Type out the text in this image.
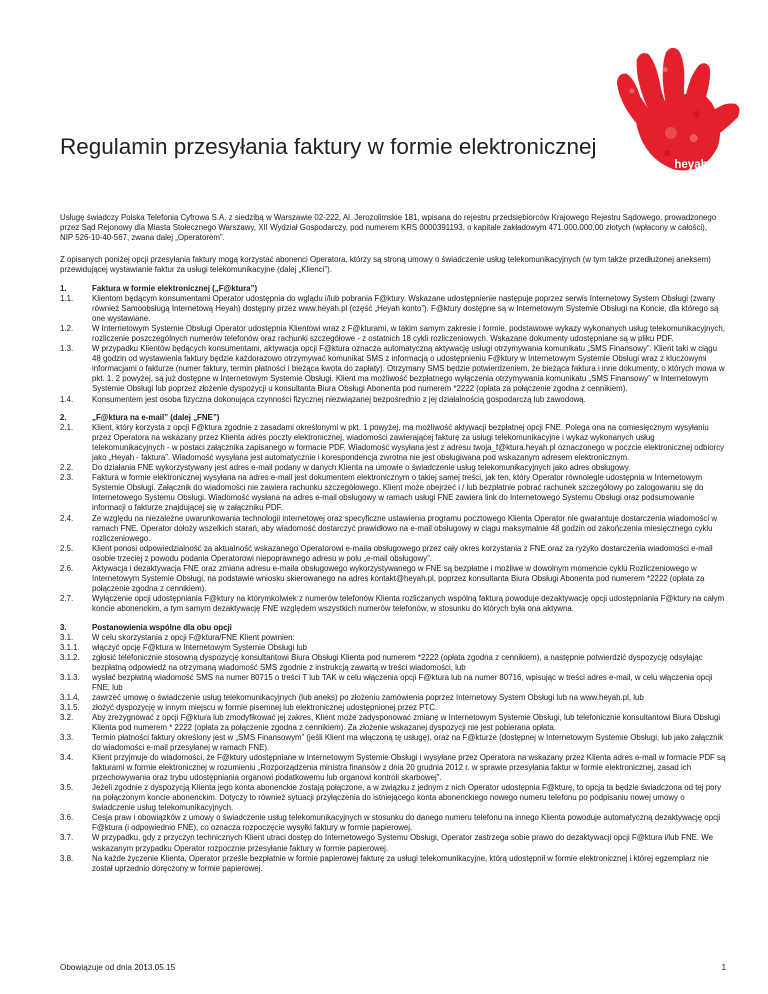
Regulamin przesyłania faktury w formie elektronicznej
heyah
non stop

Usługę świadczy Polska Telefonia Cyfrowa S.A. z siedzibą w Warszawie 02-222, Al. Jerozolimskie 181, wpisana do rejestru przedsiębiorców Krajowego Rejestru Sądowego, prowadzonego przez Sąd Rejonowy dla Miasta Stołecznego Warszawy, XII Wydział Gospodarczy, pod numerem KRS 0000391193, o kapitale zakładowym 471.000.000,00 złotych (wpłacony w całości), NIP 526-10-40-567, zwana dalej „Operatorem”.

Z opisanych poniżej opcji przesyłania faktury mogą korzystać abonenci Operatora, którzy są stroną umowy o świadczenie usług telekomunikacyjnych (w tym także przedłużonej aneksem) przewidującej wystawianie faktur za usługi telekomunikacyjne (dalej „Klienci”).

1.	Faktura w formie elektronicznej („F@ktura”)
1.1.	Klientom będącym konsumentami Operator udostępnia do wglądu i/lub pobrania F@ktury. Wskazane udostępnienie następuje poprzez serwis Internetowy System Obsługi (zwany również Samoobsługą Internetową Heyah) dostępny przez www.heyah.pl (część „Heyah konto”). F@ktury dostępne są w Internetowym Systemie Obsługi na Koncie, dla którego są one wystawiane.
1.2.	W Internetowym Systemie Obsługi Operator udostępnia Klientowi wraz z F@kturami, w takim samym zakresie i formie, podstawowe wykazy wykonanych usług telekomunikacyjnych, rozliczenie poszczególnych numerów telefonów oraz rachunki szczegółowe - z ostatnich 18 cykli rozliczeniowych. Wskazane dokumenty udostępniane są w pliku PDF.
1.3.	W przypadku Klientów będących konsumentami, aktywacja opcji F@ktura oznacza automatyczną aktywację usługi otrzymywania komunikatu „SMS Finansowy”. Klient taki w ciągu 48 godzin od wystawienia faktury będzie każdorazowo otrzymywać komunikat SMS z informacją o udostępnieniu F@ktury w Internetowym Systemie Obsługi wraz z kluczowymi informacjami o fakturze (numer faktury, termin płatności i bieżąca kwota do zapłaty). Otrzymany SMS będzie potwierdzeniem, że bieżąca faktura i inne dokumenty, o których mowa w pkt. 1. 2 powyżej, są już dostępne w Internetowym Systemie Obsługi. Klient ma możliwość bezpłatnego wyłączenia otrzymywania komunikatu „SMS Finansowy” w Internetowym Systemie Obsługi lub poprzez złożenie dyspozycji u konsultanta Biura Obsługi Abonenta pod numerem *2222 (opłata za połączenie zgodna z cennikiem).
1.4.	Konsumentem jest osoba fizyczna dokonująca czynności fizycznej niezwiązanej bezpośrednio z jej działalnością gospodarczą lub zawodową.
2.	„F@ktura na e-mail” (dalej „FNE”)
2.1.	Klient, który korzysta z opcji F@ktura zgodnie z zasadami określonymi w pkt. 1 powyżej, ma możliwość aktywacji bezpłatnej opcji FNE. Polega ona na comiesięcznym wysyłaniu przez Operatora na wskazany przez Klienta adres poczty elektronicznej, wiadomości zawierającej fakturę za usługi telekomunikacyjne i wykaz wykonanych usług telekomunikacyjnych - w postaci załącznika zapisanego w formacie PDF. Wiadomość wysyłana jest z adresu twoja_f@ktura.heyah.pl oznaczonego w poczcie elektronicznej odbiorcy jako „Heyah - faktura”. Wiadomość wysyłana jest automatycznie i korespondencja zwrotna nie jest obsługiwana pod wskazanym adresem elektronicznym.
2.2.	Do działania FNE wykorzystywany jest adres e-mail podany w danych Klienta na umowie o świadczenie usług telekomunikacyjnych jako adres obsługowy.
2.3.	Faktura w formie elektronicznej wysyłana na adres e-mail jest dokumentem elektronicznym o takiej samej treści, jak ten, który Operator równolegle udostępnia w Internetowym Systemie Obsługi. Załącznik do wiadomości nie zawiera rachunku szczegółowego. Klient może obejrzeć i / lub bezpłatnie pobrać rachunek szczegółowy po zalogowaniu się do Internetowego Systemu Obsługi. Wiadomość wysłana na adres e-mail obsługowy w ramach usługi FNE zawiera link do Internetowego Systemu Obsługi oraz podsumowanie informacji o fakturze znajdującej się w załączniku PDF.
2.4.	Ze względu na niezależne uwarunkowania technologii internetowej oraz specyficzne ustawienia programu pocztowego Klienta Operator nie gwarantuje dostarczenia wiadomości w ramach FNE. Operator dołoży wszelkich starań, aby wiadomość dostarczyć prawidłowo na e-mail obsługowy w ciągu maksymalnie 48 godzin od zakończenia miesięcznego cyklu rozliczeniowego.
2.5.	Klient ponosi odpowiedzialność za aktualność wskazanego Operatorowi e-maila obsługowego przez cały okres korzystania z FNE oraz za ryzyko dostarczenia wiadomości e-mail osobie trzeciej z powodu podania Operatorowi niepoprawnego adresu w polu „e-mail obsługowy”.
2.6.	Aktywacja i dezaktywacja FNE oraz zmiana adresu e-maila obsługowego wykorzystywanego w FNE są bezpłatne i możliwe w dowolnym momencie cyklu Rozliczeniowego w Internetowym Systemie Obsługi, na podstawie wniosku skierowanego na adres kontakt@heyah.pl, poprzez konsultanta Biura Obsługi Abonenta pod numerem *2222 (opłata za połączenie zgodna z cennikiem).
2.7.	Wyłączenie opcji udostępniania F@ktury na którymkolwiek z numerów telefonów Klienta rozliczanych wspólną fakturą powoduje dezaktywację opcji udostępniania F@ktury na całym koncie abonenckim, a tym samym dezaktywację FNE względem wszystkich numerów telefonów, w stosunku do których była ona aktywna.
3.	Postanowienia wspólne dla obu opcji
3.1.	W celu skorzystania z opcji F@ktura/FNE Klient powinien:
3.1.1.	włączyć opcję F@ktura w Internetowym Systemie Obsługi lub
3.1.2.	zgłosić telefonicznie stosowną dyspozycję konsultantowi Biura Obsługi Klienta pod numerem *2222 (opłata zgodna z cennikiem), a następnie potwierdzić dyspozycję odsyłając bezpłatną odpowiedź na otrzymaną wiadomość SMS zgodnie z instrukcją zawartą w treści wiadomości, lub
3.1.3.	wysłać bezpłatną wiadomość SMS na numer 80715 o treści T lub TAK w celu włączenia opcji F@ktura lub na numer 80716, wpisując w treści adres e-mail, w celu włączenia opcji FNE, lub
3.1.4.	zawrzeć umowę o świadczenie usług telekomunikacyjnych (lub aneks) po złożeniu zamówienia poprzez Internetowy System Obsługi lub na www.heyah.pl, lub
3.1.5.	złożyć dyspozycję w innym miejscu w formie pisemnej lub elektronicznej udostępnionej przez PTC.
3.2.	Aby zrezygnować z opcji F@ktura lub zmodyfikować jej zakres, Klient może zadysponować zmianę w Internetowym Systemie Obsługi, lub telefonicznie konsultantowi Biura Obsługi Klienta pod numerem * 2222 (opłata za połączenie zgodna z cennikiem). Za złożenie wskazanej dyspozycji nie jest pobierana opłata.
3.3.	Termin płatności faktury określony jest w „SMS Finansowym” (jeśli Klient ma włączoną tę usługę), oraz na F@kturze (dostępnej w Internetowym Systemie Obsługi, lub jako załącznik do wiadomości e-mail przesyłanej w ramach FNE).
3.4.	Klient przyjmuje do wiadomości, że F@ktury udostępniane w Internetowym Systemie Obsługi i wysyłane przez Operatora na wskazany przez Klienta adres e-mail w formacie PDF są fakturami w formie elektronicznej w rozumieniu „Rozporządzenia ministra finansów z dnia 20 grudnia 2012 r. w sprawie przesyłania faktur w formie elektronicznej, zasad ich przechowywania oraz trybu udostępniania organowi podatkowemu lub organowi kontroli skarbowej”.
3.5.	Jeżeli zgodnie z dyspozycją Klienta jego konta abonenckie zostają połączone, a w związku z jednym z nich Operator udostępnia F@kturę, to opcja ta będzie świadczona od tej pory na połączonym koncie abonenckim. Dotyczy to również sytuacji przyłączenia do istniejącego konta abonenckiego nowego numeru telefonu po podpisaniu nowej umowy o świadczenie usług telekomunikacyjnych.
3.6.	Cesja praw i obowiązków z umowy o świadczenie usług telekomunikacyjnych w stosunku do danego numeru telefonu na innego Klienta powoduje automatyczną dezaktywację opcji F@ktura (i odpowiednio FNE), co oznacza rozpoczęcie wysyłki faktury w formie papierowej.
3.7.	W przypadku, gdy z przyczyn technicznych Klient utraci dostęp do Internetowego Systemu Obsługi, Operator zastrzega sobie prawo do dezaktywacji opcji F@ktura i/lub FNE. We wskazanym przypadku Operator rozpocznie przesyłanie faktury w formie papierowej.
3.8.	Na każde życzenie Klienta, Operator prześle bezpłatnie w formie papierowej fakturę za usługi telekomunikacyjne, którą udostępnił w formie elektronicznej i której egzemplarz nie został uprzednio doręczony w formie papierowej.
Obowiązuje od dnia 2013.05.15	1
